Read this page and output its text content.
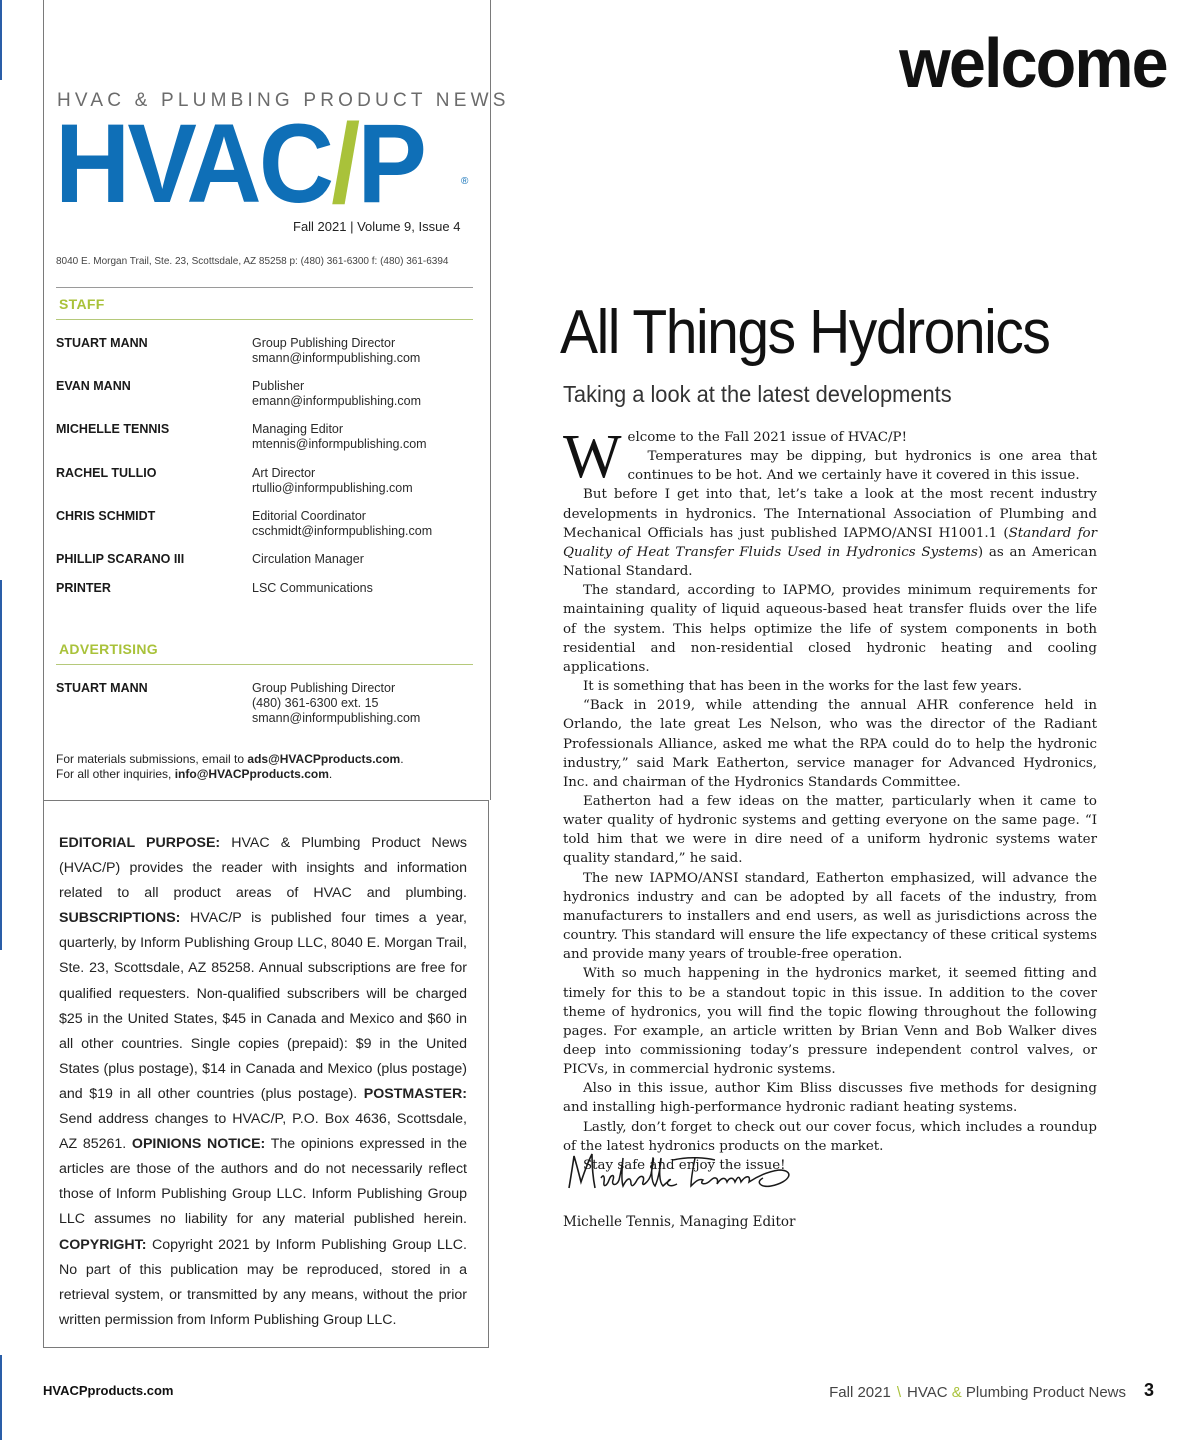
HVAC & PLUMBING PRODUCT NEWS
HVAC/P	®
Fall 2021 | Volume 9, Issue 4
8040 E. Morgan Trail, Ste. 23, Scottsdale, AZ 85258 p: (480) 361-6300 f: (480) 361-6394
STAFF
STUART MANN	Group Publishing Director
smann@informpublishing.com
EVAN MANN	Publisher
emann@informpublishing.com
MICHELLE TENNIS	Managing Editor
mtennis@informpublishing.com
RACHEL TULLIO	Art Director
rtullio@informpublishing.com
CHRIS SCHMIDT	Editorial Coordinator
cschmidt@informpublishing.com
PHILLIP SCARANO III	Circulation Manager
PRINTER	LSC Communications
ADVERTISING
STUART MANN	Group Publishing Director
(480) 361-6300 ext. 15
smann@informpublishing.com
For materials submissions, email to ads@HVACPproducts.com.
For all other inquiries, info@HVACPproducts.com.
EDITORIAL PURPOSE: HVAC & Plumbing Product News (HVAC/P) provides the reader with insights and information related to all product areas of HVAC and plumbing. SUBSCRIPTIONS: HVAC/P is published four times a year, quarterly, by Inform Publishing Group LLC, 8040 E. Morgan Trail, Ste. 23, Scottsdale, AZ 85258. Annual subscriptions are free for qualified requesters. Non-qualified subscribers will be charged $25 in the United States, $45 in Canada and Mexico and $60 in all other countries. Single copies (prepaid): $9 in the United States (plus postage), $14 in Canada and Mexico (plus postage) and $19 in all other countries (plus postage). POSTMASTER: Send address changes to HVAC/P, P.O. Box 4636, Scottsdale, AZ 85261. OPINIONS NOTICE: The opinions expressed in the articles are those of the authors and do not necessarily reflect those of Inform Publishing Group LLC. Inform Publishing Group LLC assumes no liability for any material published herein. COPYRIGHT: Copyright 2021 by Inform Publishing Group LLC. No part of this publication may be reproduced, stored in a retrieval system, or transmitted by any means, without the prior written permission from Inform Publishing Group LLC.
welcome
All Things Hydronics
Taking a look at the latest developments

Welcome to the Fall 2021 issue of HVAC/P!

Temperatures may be dipping, but hydronics is one area that continues to be hot. And we certainly have it covered in this issue.

But before I get into that, let’s take a look at the most recent industry developments in hydronics. The International Association of Plumbing and Mechanical Officials has just published IAPMO/ANSI H1001.1 (Standard for Quality of Heat Transfer Fluids Used in Hydronics Systems) as an American National Standard.

The standard, according to IAPMO, provides minimum requirements for maintaining quality of liquid aqueous-based heat transfer fluids over the life of the system. This helps optimize the life of system components in both residential and non-residential closed hydronic heating and cooling applications.

It is something that has been in the works for the last few years.

“Back in 2019, while attending the annual AHR conference held in Orlando, the late great Les Nelson, who was the director of the Radiant Professionals Alliance, asked me what the RPA could do to help the hydronic industry,” said Mark Eatherton, service manager for Advanced Hydronics, Inc. and chairman of the Hydronics Standards Committee.

Eatherton had a few ideas on the matter, particularly when it came to water quality of hydronic systems and getting everyone on the same page. “I told him that we were in dire need of a uniform hydronic systems water quality standard,” he said.

The new IAPMO/ANSI standard, Eatherton emphasized, will advance the hydronics industry and can be adopted by all facets of the industry, from manufacturers to installers and end users, as well as jurisdictions across the country. This standard will ensure the life expectancy of these critical systems and provide many years of trouble-free operation.

With so much happening in the hydronics market, it seemed fitting and timely for this to be a standout topic in this issue. In addition to the cover theme of hydronics, you will find the topic flowing throughout the following pages. For example, an article written by Brian Venn and Bob Walker dives deep into commissioning today’s pressure independent control valves, or PICVs, in commercial hydronic systems.

Also in this issue, author Kim Bliss discusses five methods for designing and installing high-performance hydronic radiant heating systems.

Lastly, don’t forget to check out our cover focus, which includes a roundup of the latest hydronics products on the market.

Stay safe and enjoy the issue!

Michelle Tennis, Managing Editor
HVACPproducts.com	Fall 2021 \ HVAC & Plumbing Product News 3
